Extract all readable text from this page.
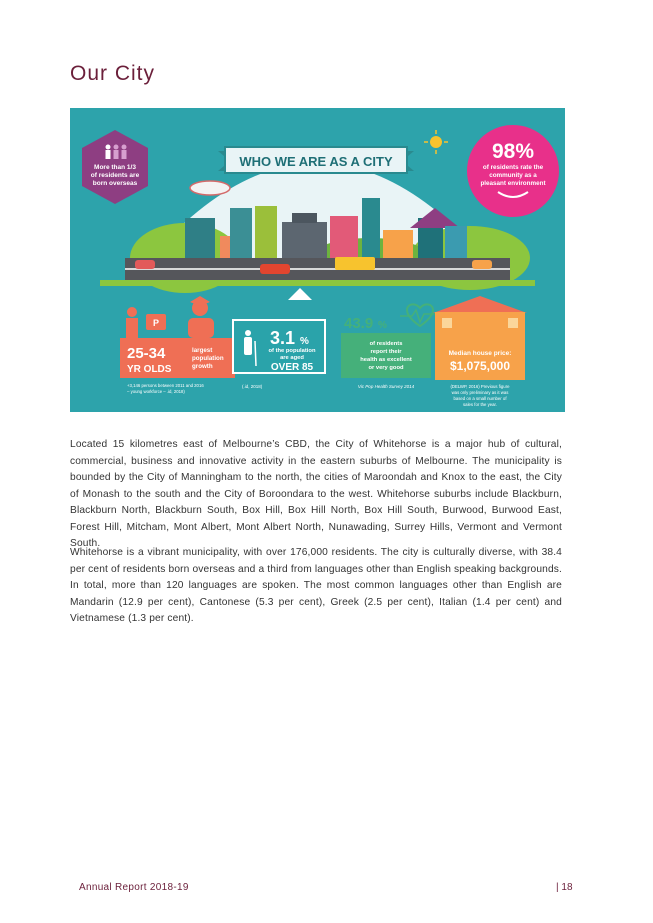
Our City
WHO WE ARE AS A CITY
More than 1/3
of residents are
born overseas
98%
of residents rate the
community as a
pleasant environment
P
25-34
YR OLDS
largest
population
growth
+3,146 persons between 2011 and 2016
– young workforce – .id, 2018)
3.1 %
of the population
are aged
OVER 85
(.id, 2018)
43.9 %
of residents
report their
health as excellent
or very good
Vic Pop Health Survey 2014
Median house price:
$1,075,000
(DELWP, 2016) Previous figure
was only preliminary as it was
based on a small number of
sales for the year.

Located 15 kilometres east of Melbourne’s CBD, the City of Whitehorse is a major hub of cultural, commercial, business and innovative activity in the eastern suburbs of Melbourne. The municipality is bounded by the City of Manningham to the north, the cities of Maroondah and Knox to the east, the City of Monash to the south and the City of Boroondara to the west. Whitehorse suburbs include Blackburn, Blackburn North, Blackburn South, Box Hill, Box Hill North, Box Hill South, Burwood, Burwood East, Forest Hill, Mitcham, Mont Albert, Mont Albert North, Nunawading, Surrey Hills, Vermont and Vermont South.

Whitehorse is a vibrant municipality, with over 176,000 residents. The city is culturally diverse, with 38.4 per cent of residents born overseas and a third from languages other than English speaking backgrounds. In total, more than 120 languages are spoken. The most common languages other than English are Mandarin (12.9 per cent), Cantonese (5.3 per cent), Greek (2.5 per cent), Italian (1.4 per cent) and Vietnamese (1.3 per cent).

Annual Report 2018-19	| 18
